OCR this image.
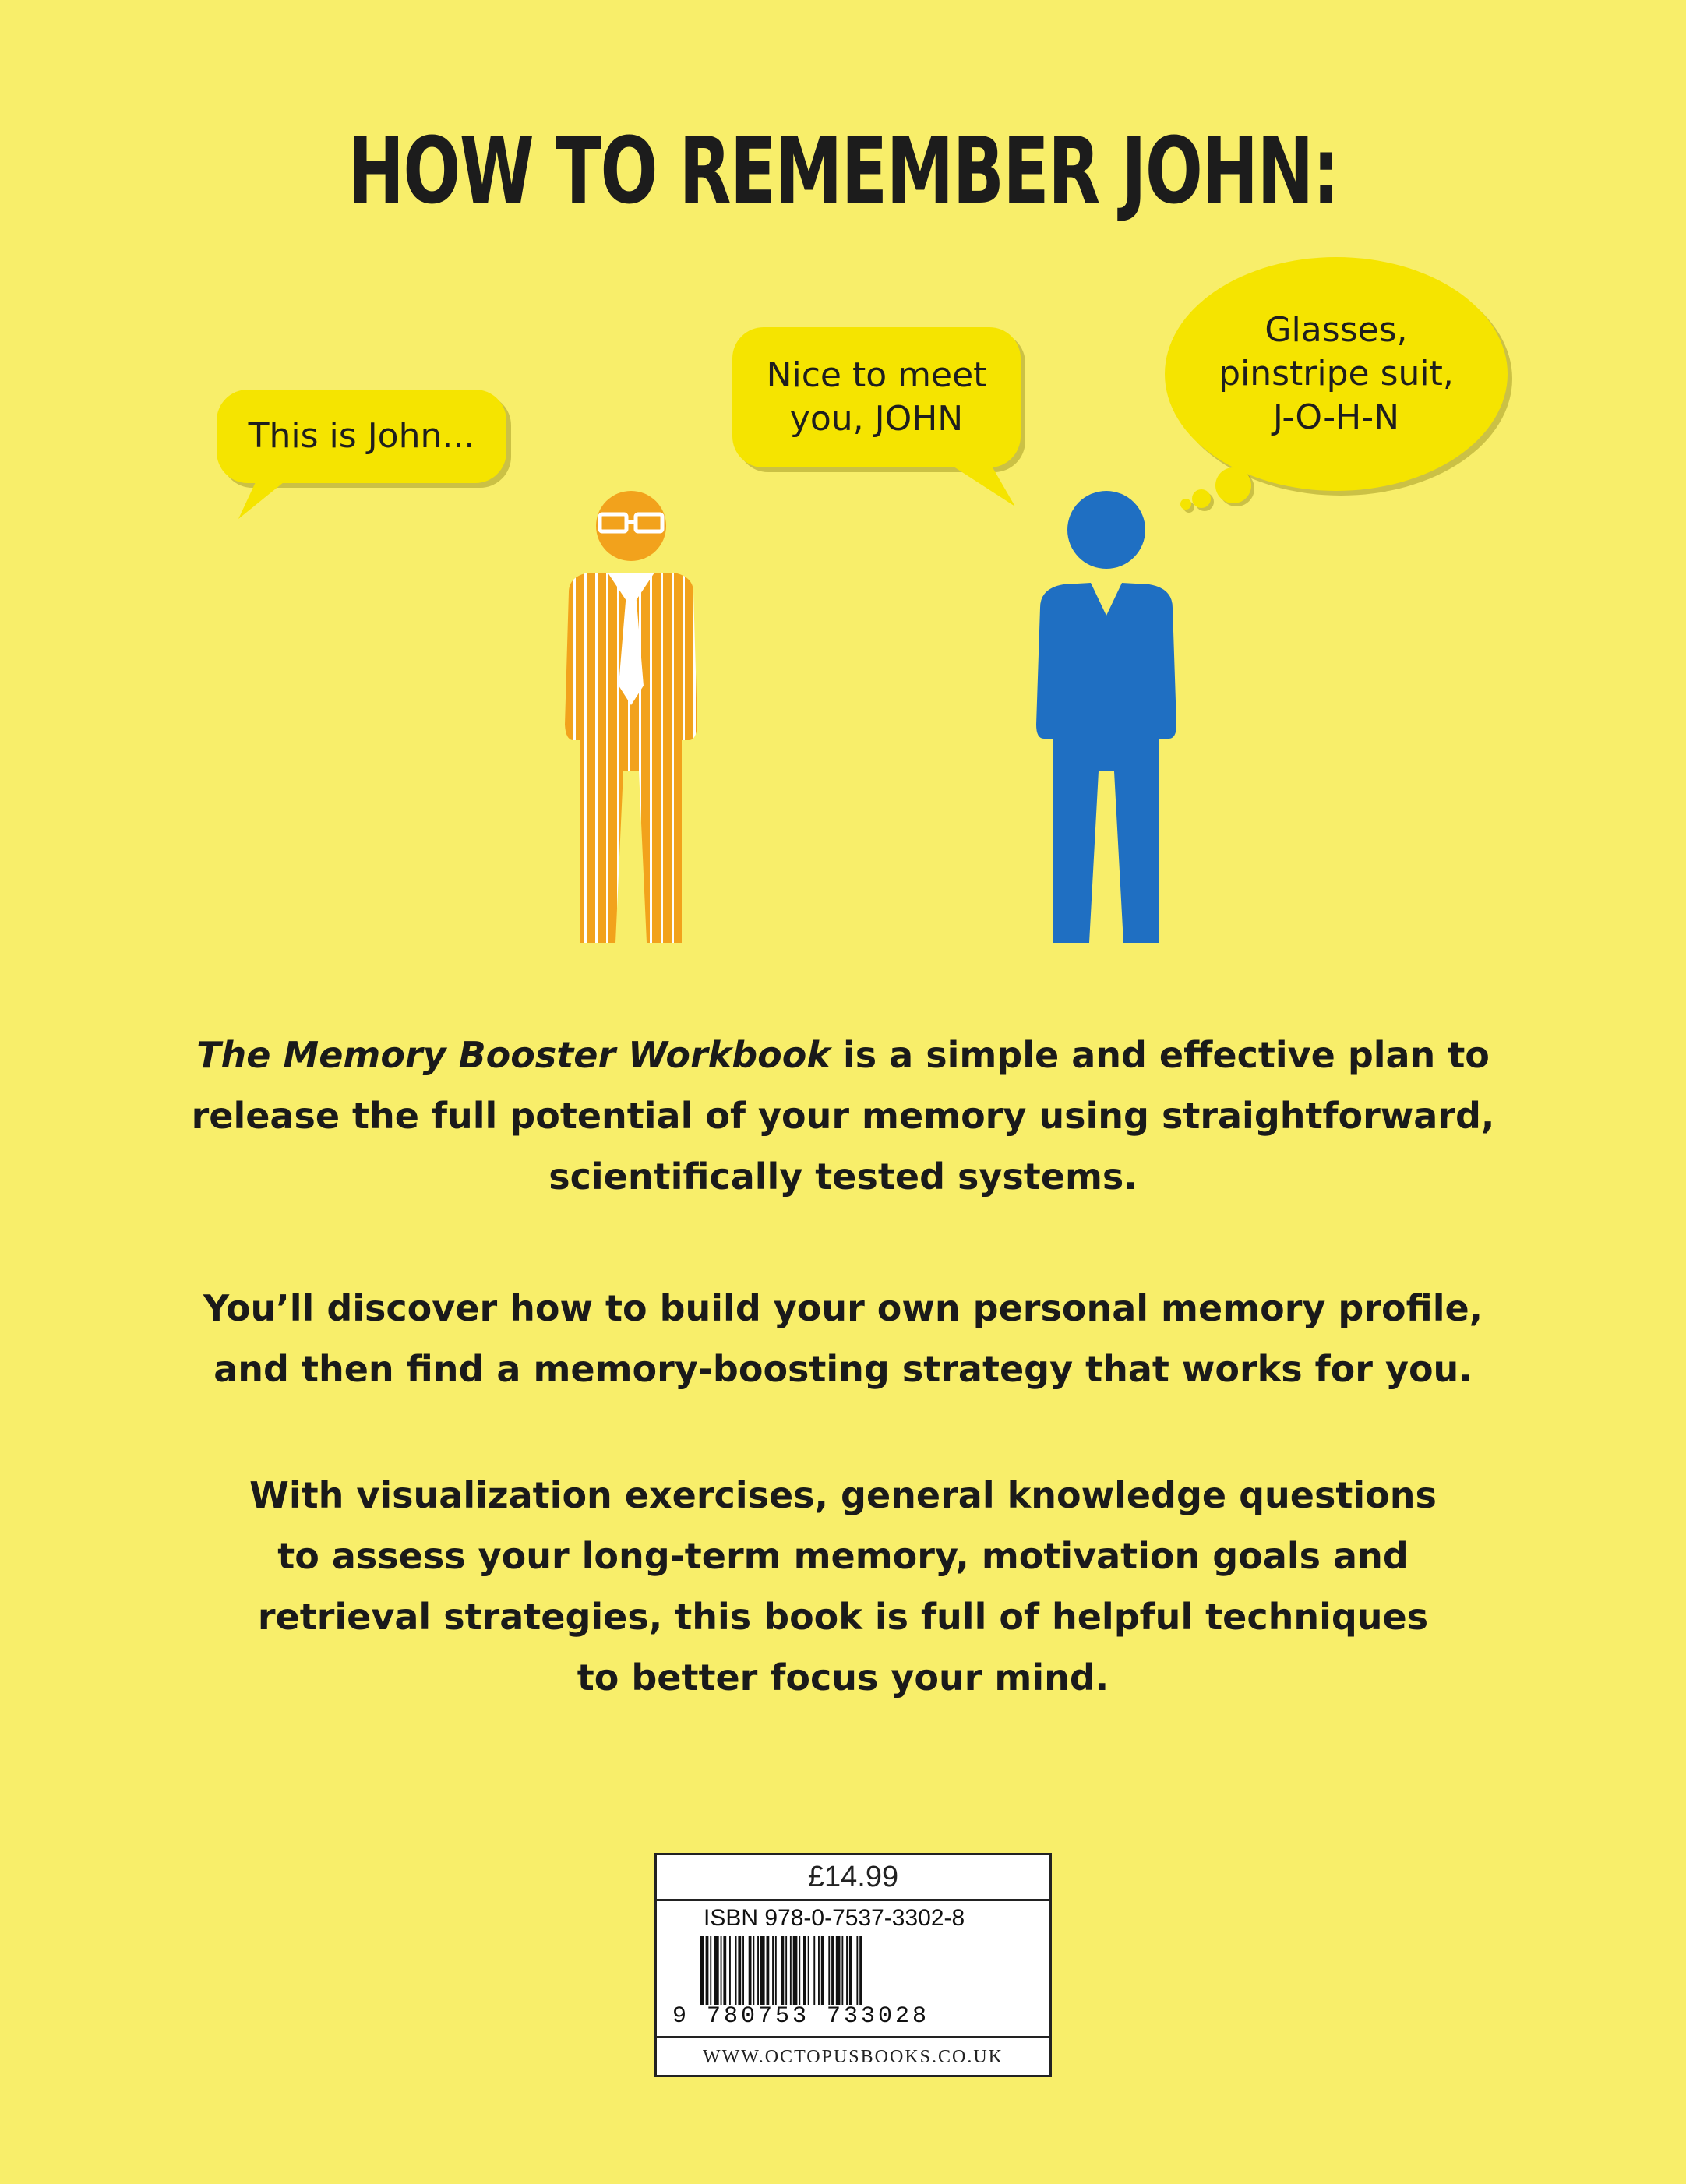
HOW TO REMEMBER JOHN:
This is John...
Nice to meet
you, JOHN
Glasses,
pinstripe suit,
J-O-H-N
The Memory Booster Workbook is a simple and effective plan to
release the full potential of your memory using straightforward,
scientifically tested systems.
You’ll discover how to build your own personal memory profile,
and then find a memory-boosting strategy that works for you.
With visualization exercises, general knowledge questions
to assess your long-term memory, motivation goals and
retrieval strategies, this book is full of helpful techniques
to better focus your mind.
£14.99
ISBN 978-0-7537-3302-8
9 780753 733028
WWW.OCTOPUSBOOKS.CO.UK
